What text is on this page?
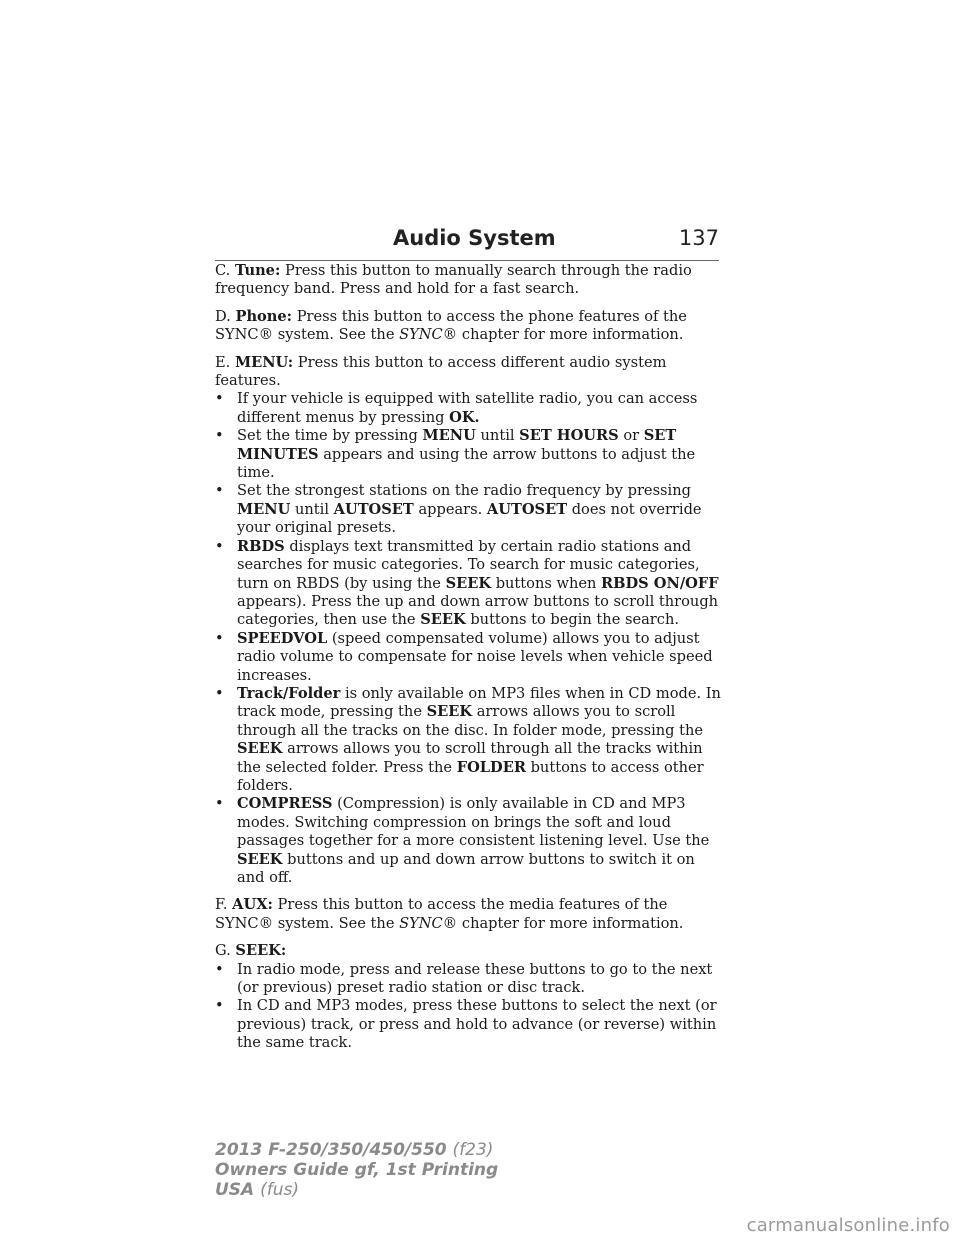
Audio System	137

C. Tune: Press this button to manually search through the radio frequency band. Press and hold for a fast search.

D. Phone: Press this button to access the phone features of the SYNC® system. See the SYNC® chapter for more information.

E. MENU: Press this button to access different audio system features.

• If your vehicle is equipped with satellite radio, you can access different menus by pressing OK.
• Set the time by pressing MENU until SET HOURS or SET MINUTES appears and using the arrow buttons to adjust the time.
• Set the strongest stations on the radio frequency by pressing MENU until AUTOSET appears. AUTOSET does not override your original presets.
• RBDS displays text transmitted by certain radio stations and searches for music categories. To search for music categories, turn on RBDS (by using the SEEK buttons when RBDS ON/OFF appears). Press the up and down arrow buttons to scroll through categories, then use the SEEK buttons to begin the search.
• SPEEDVOL (speed compensated volume) allows you to adjust radio volume to compensate for noise levels when vehicle speed increases.
• Track/Folder is only available on MP3 files when in CD mode. In track mode, pressing the SEEK arrows allows you to scroll through all the tracks on the disc. In folder mode, pressing the SEEK arrows allows you to scroll through all the tracks within the selected folder. Press the FOLDER buttons to access other folders.
• COMPRESS (Compression) is only available in CD and MP3 modes. Switching compression on brings the soft and loud passages together for a more consistent listening level. Use the SEEK buttons and up and down arrow buttons to switch it on and off.

F. AUX: Press this button to access the media features of the SYNC® system. See the SYNC® chapter for more information.

G. SEEK:

• In radio mode, press and release these buttons to go to the next (or previous) preset radio station or disc track.
• In CD and MP3 modes, press these buttons to select the next (or previous) track, or press and hold to advance (or reverse) within the same track.
2013 F-250/350/450/550 (f23)
Owners Guide gf, 1st Printing
USA (fus)
carmanualsonline.info
